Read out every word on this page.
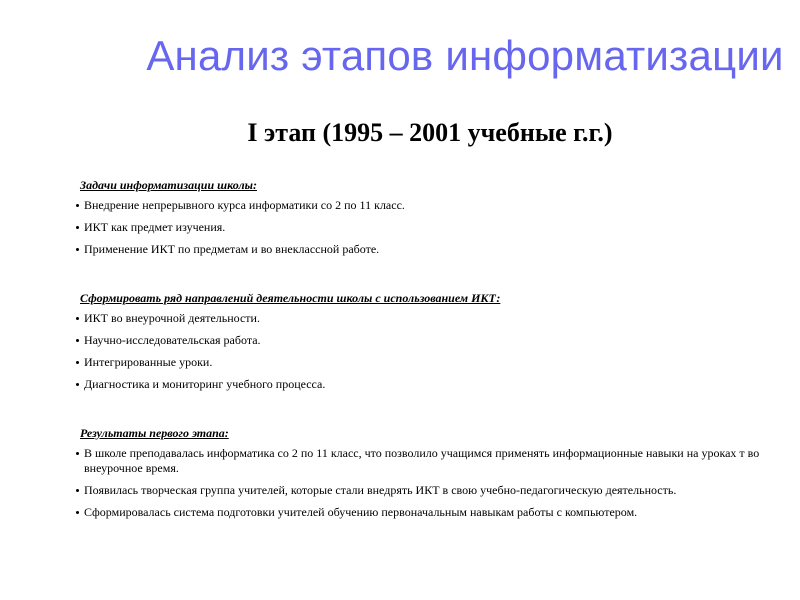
Анализ этапов информатизации
I этап (1995 – 2001 учебные г.г.)
Задачи информатизации школы:
Внедрение непрерывного курса информатики со 2 по 11 класс.
ИКТ как предмет изучения.
Применение ИКТ по предметам и во внеклассной работе.
Сформировать ряд направлений деятельности школы с использованием ИКТ:
ИКТ во внеурочной деятельности.
Научно-исследовательская работа.
Интегрированные уроки.
Диагностика и мониторинг учебного процесса.
Результаты первого этапа:
В школе преподавалась информатика со 2 по 11 класс, что позволило учащимся применять информационные навыки на уроках т во внеурочное время.
Появилась творческая группа учителей, которые стали внедрять ИКТ в свою учебно-педагогическую деятельность.
Сформировалась система подготовки учителей обучению первоначальным навыкам работы с компьютером.
